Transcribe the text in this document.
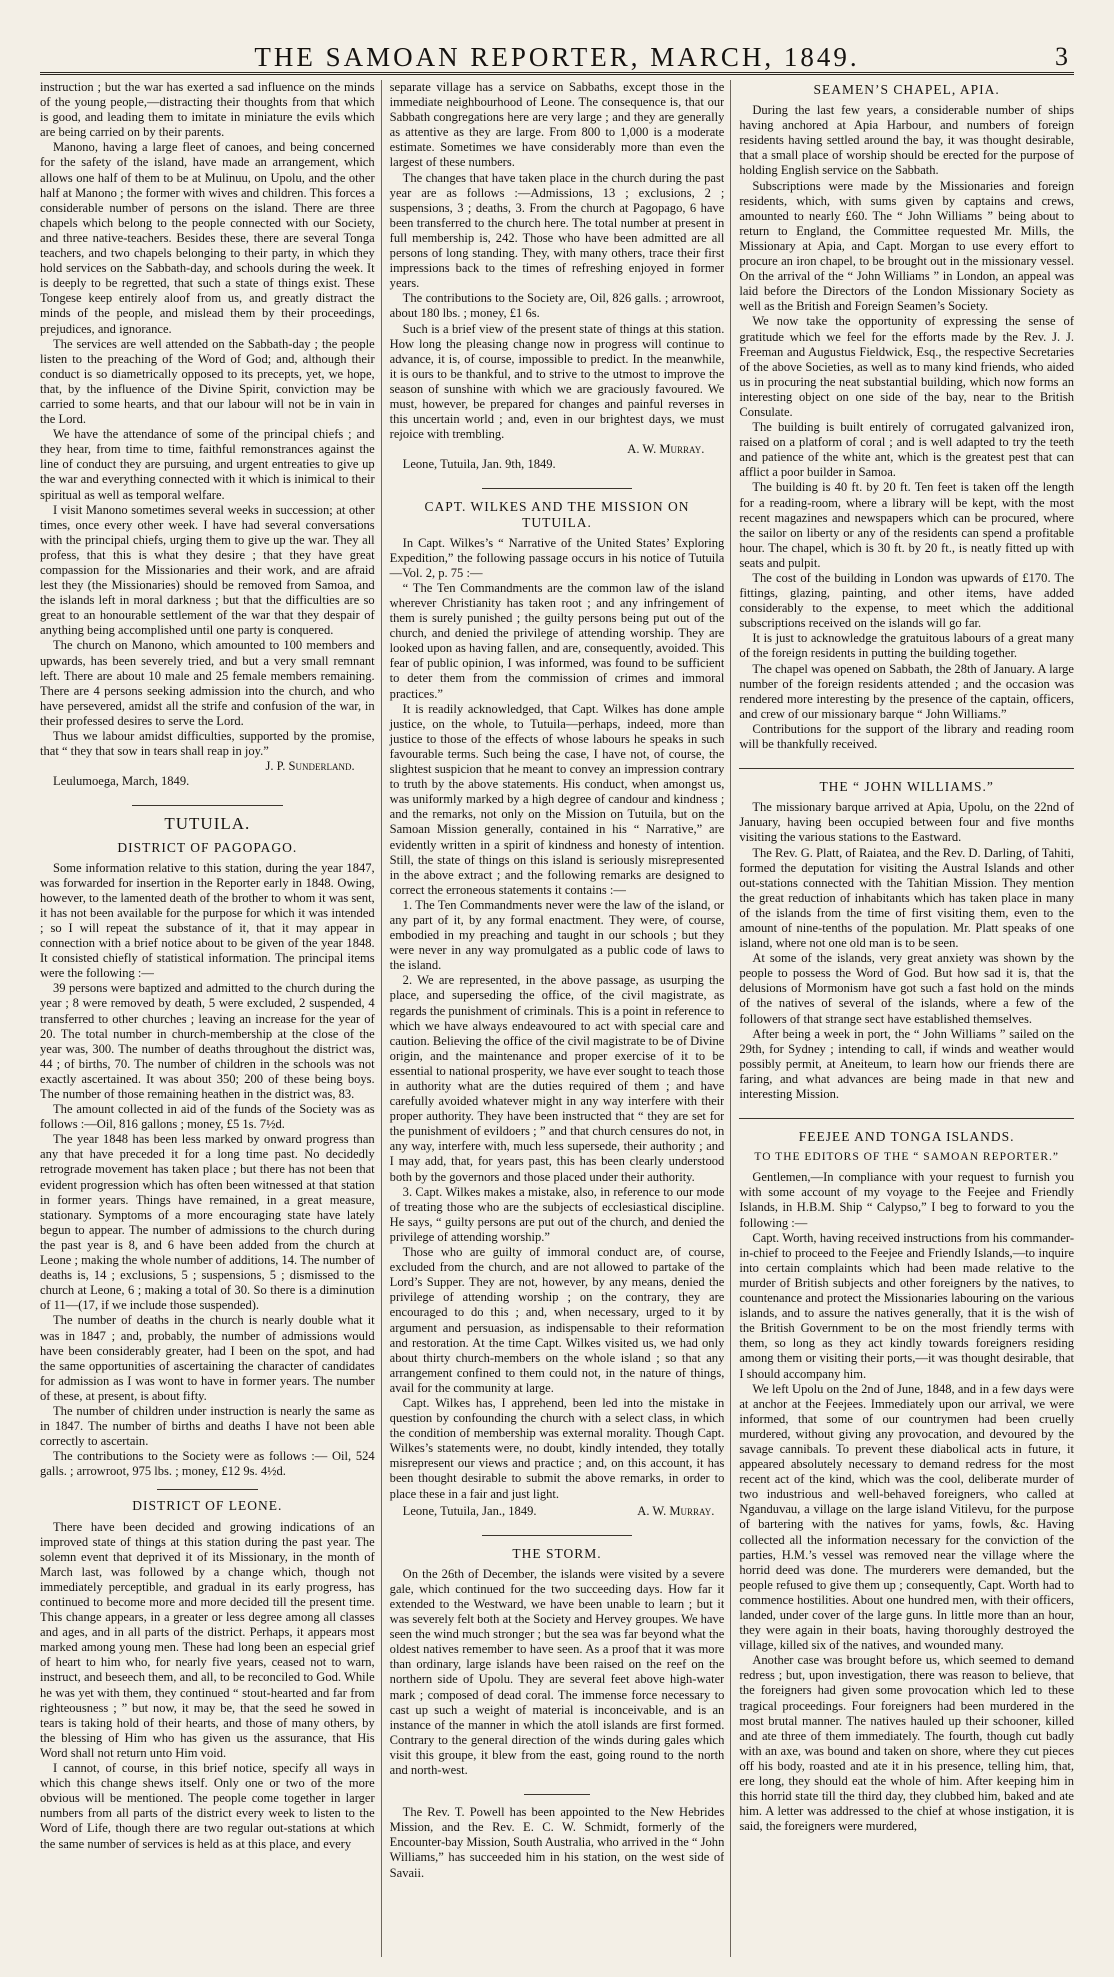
THE SAMOAN REPORTER, MARCH, 1849.	3

instruction ; but the war has exerted a sad influence on the minds of the young people,—distracting their thoughts from that which is good, and leading them to imitate in miniature the evils which are being carried on by their parents.

Manono, having a large fleet of canoes, and being concerned for the safety of the island, have made an arrangement, which allows one half of them to be at Mulinuu, on Upolu, and the other half at Manono ; the former with wives and children. This forces a considerable number of persons on the island. There are three chapels which belong to the people connected with our Society, and three native-teachers. Besides these, there are several Tonga teachers, and two chapels belonging to their party, in which they hold services on the Sabbath-day, and schools during the week. It is deeply to be regretted, that such a state of things exist. These Tongese keep entirely aloof from us, and greatly distract the minds of the people, and mislead them by their proceedings, prejudices, and ignorance.

The services are well attended on the Sabbath-day ; the people listen to the preaching of the Word of God; and, although their conduct is so diametrically opposed to its precepts, yet, we hope, that, by the influence of the Divine Spirit, conviction may be carried to some hearts, and that our labour will not be in vain in the Lord.

We have the attendance of some of the principal chiefs ; and they hear, from time to time, faithful remonstrances against the line of conduct they are pursuing, and urgent entreaties to give up the war and everything connected with it which is inimical to their spiritual as well as temporal welfare.

I visit Manono sometimes several weeks in succession; at other times, once every other week. I have had several conversations with the principal chiefs, urging them to give up the war. They all profess, that this is what they desire ; that they have great compassion for the Missionaries and their work, and are afraid lest they (the Missionaries) should be removed from Samoa, and the islands left in moral darkness ; but that the difficulties are so great to an honourable settlement of the war that they despair of anything being accomplished until one party is conquered.

The church on Manono, which amounted to 100 members and upwards, has been severely tried, and but a very small remnant left. There are about 10 male and 25 female members remaining. There are 4 persons seeking admission into the church, and who have persevered, amidst all the strife and confusion of the war, in their professed desires to serve the Lord.

Thus we labour amidst difficulties, supported by the promise, that “ they that sow in tears shall reap in joy.”

J. P. Sunderland.

Leulumoega, March, 1849.

TUTUILA.
DISTRICT OF PAGOPAGO.

Some information relative to this station, during the year 1847, was forwarded for insertion in the Reporter early in 1848. Owing, however, to the lamented death of the brother to whom it was sent, it has not been available for the purpose for which it was intended ; so I will repeat the substance of it, that it may appear in connection with a brief notice about to be given of the year 1848. It consisted chiefly of statistical information. The principal items were the following :—

39 persons were baptized and admitted to the church during the year ; 8 were removed by death, 5 were excluded, 2 suspended, 4 transferred to other churches ; leaving an increase for the year of 20. The total number in church-membership at the close of the year was, 300. The number of deaths throughout the district was, 44 ; of births, 70. The number of children in the schools was not exactly ascertained. It was about 350; 200 of these being boys. The number of those remaining heathen in the district was, 83.

The amount collected in aid of the funds of the Society was as follows :—Oil, 816 gallons ; money, £5 1s. 7½d.

The year 1848 has been less marked by onward progress than any that have preceded it for a long time past. No decidedly retrograde movement has taken place ; but there has not been that evident progression which has often been witnessed at that station in former years. Things have remained, in a great measure, stationary. Symptoms of a more encouraging state have lately begun to appear. The number of admissions to the church during the past year is 8, and 6 have been added from the church at Leone ; making the whole number of additions, 14. The number of deaths is, 14 ; exclusions, 5 ; suspensions, 5 ; dismissed to the church at Leone, 6 ; making a total of 30. So there is a diminution of 11—(17, if we include those suspended).

The number of deaths in the church is nearly double what it was in 1847 ; and, probably, the number of admissions would have been considerably greater, had I been on the spot, and had the same opportunities of ascertaining the character of candidates for admission as I was wont to have in former years. The number of these, at present, is about fifty.

The number of children under instruction is nearly the same as in 1847. The number of births and deaths I have not been able correctly to ascertain.

The contributions to the Society were as follows :— Oil, 524 galls. ; arrowroot, 975 lbs. ; money, £12 9s. 4½d.

DISTRICT OF LEONE.

There have been decided and growing indications of an improved state of things at this station during the past year. The solemn event that deprived it of its Missionary, in the month of March last, was followed by a change which, though not immediately perceptible, and gradual in its early progress, has continued to become more and more decided till the present time. This change appears, in a greater or less degree among all classes and ages, and in all parts of the district. Perhaps, it appears most marked among young men. These had long been an especial grief of heart to him who, for nearly five years, ceased not to warn, instruct, and beseech them, and all, to be reconciled to God. While he was yet with them, they continued “ stout-hearted and far from righteousness ; ” but now, it may be, that the seed he sowed in tears is taking hold of their hearts, and those of many others, by the blessing of Him who has given us the assurance, that His Word shall not return unto Him void.

I cannot, of course, in this brief notice, specify all ways in which this change shews itself. Only one or two of the more obvious will be mentioned. The people come together in larger numbers from all parts of the district every week to listen to the Word of Life, though there are two regular out-stations at which the same number of services is held as at this place, and every

separate village has a service on Sabbaths, except those in the immediate neighbourhood of Leone. The consequence is, that our Sabbath congregations here are very large ; and they are generally as attentive as they are large. From 800 to 1,000 is a moderate estimate. Sometimes we have considerably more than even the largest of these numbers.

The changes that have taken place in the church during the past year are as follows :—Admissions, 13 ; exclusions, 2 ; suspensions, 3 ; deaths, 3. From the church at Pagopago, 6 have been transferred to the church here. The total number at present in full membership is, 242. Those who have been admitted are all persons of long standing. They, with many others, trace their first impressions back to the times of refreshing enjoyed in former years.

The contributions to the Society are, Oil, 826 galls. ; arrowroot, about 180 lbs. ; money, £1 6s.

Such is a brief view of the present state of things at this station. How long the pleasing change now in progress will continue to advance, it is, of course, impossible to predict. In the meanwhile, it is ours to be thankful, and to strive to the utmost to improve the season of sunshine with which we are graciously favoured. We must, however, be prepared for changes and painful reverses in this uncertain world ; and, even in our brightest days, we must rejoice with trembling.

A. W. Murray.

Leone, Tutuila, Jan. 9th, 1849.

CAPT. WILKES AND THE MISSION ON TUTUILA.

In Capt. Wilkes’s “ Narrative of the United States’ Exploring Expedition,” the following passage occurs in his notice of Tutuila—Vol. 2, p. 75 :—

“ The Ten Commandments are the common law of the island wherever Christianity has taken root ; and any infringement of them is surely punished ; the guilty persons being put out of the church, and denied the privilege of attending worship. They are looked upon as having fallen, and are, consequently, avoided. This fear of public opinion, I was informed, was found to be sufficient to deter them from the commission of crimes and immoral practices.”

It is readily acknowledged, that Capt. Wilkes has done ample justice, on the whole, to Tutuila—perhaps, indeed, more than justice to those of the effects of whose labours he speaks in such favourable terms. Such being the case, I have not, of course, the slightest suspicion that he meant to convey an impression contrary to truth by the above statements. His conduct, when amongst us, was uniformly marked by a high degree of candour and kindness ; and the remarks, not only on the Mission on Tutuila, but on the Samoan Mission generally, contained in his “ Narrative,” are evidently written in a spirit of kindness and honesty of intention. Still, the state of things on this island is seriously misrepresented in the above extract ; and the following remarks are designed to correct the erroneous statements it contains :—

1. The Ten Commandments never were the law of the island, or any part of it, by any formal enactment. They were, of course, embodied in my preaching and taught in our schools ; but they were never in any way promulgated as a public code of laws to the island.

2. We are represented, in the above passage, as usurping the place, and superseding the office, of the civil magistrate, as regards the punishment of criminals. This is a point in reference to which we have always endeavoured to act with special care and caution. Believing the office of the civil magistrate to be of Divine origin, and the maintenance and proper exercise of it to be essential to national prosperity, we have ever sought to teach those in authority what are the duties required of them ; and have carefully avoided whatever might in any way interfere with their proper authority. They have been instructed that “ they are set for the punishment of evildoers ; ” and that church censures do not, in any way, interfere with, much less supersede, their authority ; and I may add, that, for years past, this has been clearly understood both by the governors and those placed under their authority.

3. Capt. Wilkes makes a mistake, also, in reference to our mode of treating those who are the subjects of ecclesiastical discipline. He says, “ guilty persons are put out of the church, and denied the privilege of attending worship.”

Those who are guilty of immoral conduct are, of course, excluded from the church, and are not allowed to partake of the Lord’s Supper. They are not, however, by any means, denied the privilege of attending worship ; on the contrary, they are encouraged to do this ; and, when necessary, urged to it by argument and persuasion, as indispensable to their reformation and restoration. At the time Capt. Wilkes visited us, we had only about thirty church-members on the whole island ; so that any arrangement confined to them could not, in the nature of things, avail for the community at large.

Capt. Wilkes has, I apprehend, been led into the mistake in question by confounding the church with a select class, in which the condition of membership was external morality. Though Capt. Wilkes’s statements were, no doubt, kindly intended, they totally misrepresent our views and practice ; and, on this account, it has been thought desirable to submit the above remarks, in order to place these in a fair and just light.

Leone, Tutuila, Jan., 1849.	A. W. Murray.
THE STORM.

On the 26th of December, the islands were visited by a severe gale, which continued for the two succeeding days. How far it extended to the Westward, we have been unable to learn ; but it was severely felt both at the Society and Hervey groupes. We have seen the wind much stronger ; but the sea was far beyond what the oldest natives remember to have seen. As a proof that it was more than ordinary, large islands have been raised on the reef on the northern side of Upolu. They are several feet above high-water mark ; composed of dead coral. The immense force necessary to cast up such a weight of material is inconceivable, and is an instance of the manner in which the atoll islands are first formed. Contrary to the general direction of the winds during gales which visit this groupe, it blew from the east, going round to the north and north-west.

The Rev. T. Powell has been appointed to the New Hebrides Mission, and the Rev. E. C. W. Schmidt, formerly of the Encounter-bay Mission, South Australia, who arrived in the “ John Williams,” has succeeded him in his station, on the west side of Savaii.

SEAMEN’S CHAPEL, APIA.

During the last few years, a considerable number of ships having anchored at Apia Harbour, and numbers of foreign residents having settled around the bay, it was thought desirable, that a small place of worship should be erected for the purpose of holding English service on the Sabbath.

Subscriptions were made by the Missionaries and foreign residents, which, with sums given by captains and crews, amounted to nearly £60. The “ John Williams ” being about to return to England, the Committee requested Mr. Mills, the Missionary at Apia, and Capt. Morgan to use every effort to procure an iron chapel, to be brought out in the missionary vessel. On the arrival of the “ John Williams ” in London, an appeal was laid before the Directors of the London Missionary Society as well as the British and Foreign Seamen’s Society.

We now take the opportunity of expressing the sense of gratitude which we feel for the efforts made by the Rev. J. J. Freeman and Augustus Fieldwick, Esq., the respective Secretaries of the above Societies, as well as to many kind friends, who aided us in procuring the neat substantial building, which now forms an interesting object on one side of the bay, near to the British Consulate.

The building is built entirely of corrugated galvanized iron, raised on a platform of coral ; and is well adapted to try the teeth and patience of the white ant, which is the greatest pest that can afflict a poor builder in Samoa.

The building is 40 ft. by 20 ft. Ten feet is taken off the length for a reading-room, where a library will be kept, with the most recent magazines and newspapers which can be procured, where the sailor on liberty or any of the residents can spend a profitable hour. The chapel, which is 30 ft. by 20 ft., is neatly fitted up with seats and pulpit.

The cost of the building in London was upwards of £170. The fittings, glazing, painting, and other items, have added considerably to the expense, to meet which the additional subscriptions received on the islands will go far.

It is just to acknowledge the gratuitous labours of a great many of the foreign residents in putting the building together.

The chapel was opened on Sabbath, the 28th of January. A large number of the foreign residents attended ; and the occasion was rendered more interesting by the presence of the captain, officers, and crew of our missionary barque “ John Williams.”

Contributions for the support of the library and reading room will be thankfully received.

THE “ JOHN WILLIAMS.”

The missionary barque arrived at Apia, Upolu, on the 22nd of January, having been occupied between four and five months visiting the various stations to the Eastward.

The Rev. G. Platt, of Raiatea, and the Rev. D. Darling, of Tahiti, formed the deputation for visiting the Austral Islands and other out-stations connected with the Tahitian Mission. They mention the great reduction of inhabitants which has taken place in many of the islands from the time of first visiting them, even to the amount of nine-tenths of the population. Mr. Platt speaks of one island, where not one old man is to be seen.

At some of the islands, very great anxiety was shown by the people to possess the Word of God. But how sad it is, that the delusions of Mormonism have got such a fast hold on the minds of the natives of several of the islands, where a few of the followers of that strange sect have established themselves.

After being a week in port, the “ John Williams ” sailed on the 29th, for Sydney ; intending to call, if winds and weather would possibly permit, at Aneiteum, to learn how our friends there are faring, and what advances are being made in that new and interesting Mission.

FEEJEE AND TONGA ISLANDS.
TO THE EDITORS OF THE “ SAMOAN REPORTER.”

Gentlemen,—In compliance with your request to furnish you with some account of my voyage to the Feejee and Friendly Islands, in H.B.M. Ship “ Calypso,” I beg to forward to you the following :—

Capt. Worth, having received instructions from his commander-in-chief to proceed to the Feejee and Friendly Islands,—to inquire into certain complaints which had been made relative to the murder of British subjects and other foreigners by the natives, to countenance and protect the Missionaries labouring on the various islands, and to assure the natives generally, that it is the wish of the British Government to be on the most friendly terms with them, so long as they act kindly towards foreigners residing among them or visiting their ports,—it was thought desirable, that I should accompany him.

We left Upolu on the 2nd of June, 1848, and in a few days were at anchor at the Feejees. Immediately upon our arrival, we were informed, that some of our countrymen had been cruelly murdered, without giving any provocation, and devoured by the savage cannibals. To prevent these diabolical acts in future, it appeared absolutely necessary to demand redress for the most recent act of the kind, which was the cool, deliberate murder of two industrious and well-behaved foreigners, who called at Nganduvau, a village on the large island Vitilevu, for the purpose of bartering with the natives for yams, fowls, &c. Having collected all the information necessary for the conviction of the parties, H.M.’s vessel was removed near the village where the horrid deed was done. The murderers were demanded, but the people refused to give them up ; consequently, Capt. Worth had to commence hostilities. About one hundred men, with their officers, landed, under cover of the large guns. In little more than an hour, they were again in their boats, having thoroughly destroyed the village, killed six of the natives, and wounded many.

Another case was brought before us, which seemed to demand redress ; but, upon investigation, there was reason to believe, that the foreigners had given some provocation which led to these tragical proceedings. Four foreigners had been murdered in the most brutal manner. The natives hauled up their schooner, killed and ate three of them immediately. The fourth, though cut badly with an axe, was bound and taken on shore, where they cut pieces off his body, roasted and ate it in his presence, telling him, that, ere long, they should eat the whole of him. After keeping him in this horrid state till the third day, they clubbed him, baked and ate him. A letter was addressed to the chief at whose instigation, it is said, the foreigners were murdered,
